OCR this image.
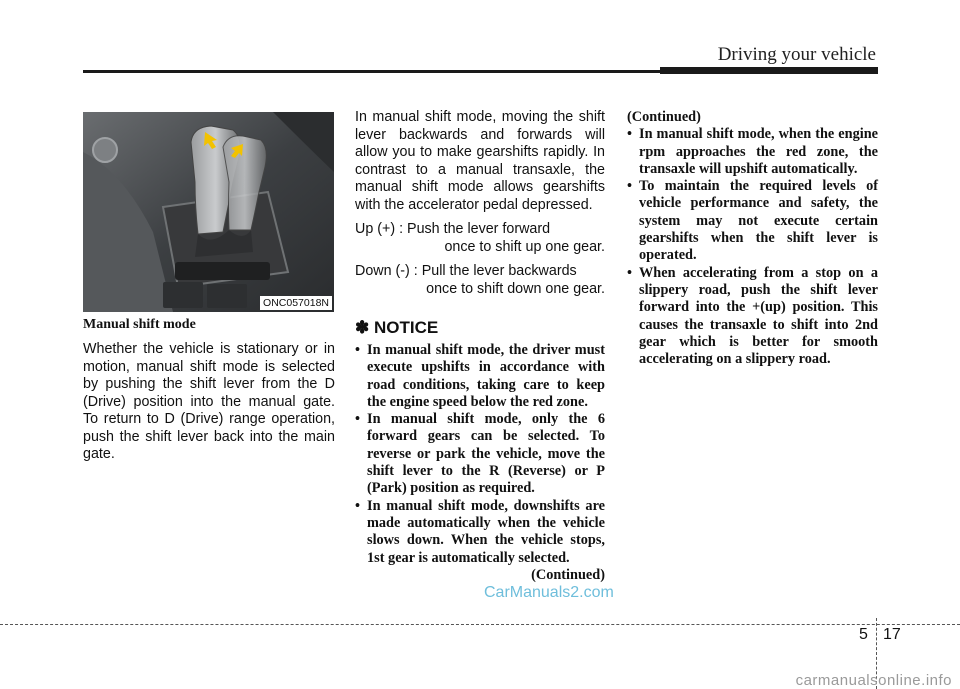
Driving your vehicle
ONC057018N

Manual shift mode

Whether the vehicle is stationary or in motion, manual shift mode is selected by pushing the shift lever from the D (Drive) position into the manual gate. To return to D (Drive) range operation, push the shift lever back into the main gate.

In manual shift mode, moving the shift lever backwards and forwards will allow you to make gearshifts rapidly. In contrast to a manual transaxle, the manual shift mode allows gearshifts with the accelerator pedal depressed.

Up (+) : Push the lever forward
once to shift up one gear.
Down (-) : Pull the lever backwards
once to shift down one gear.
✽ NOTICE
• In manual shift mode, the driver must execute upshifts in accordance with road conditions, taking care to keep the engine speed below the red zone.
• In manual shift mode, only the 6 forward gears can be selected. To reverse or park the vehicle, move the shift lever to the R (Reverse) or P (Park) position as required.
• In manual shift mode, downshifts are made automatically when the vehicle slows down. When the vehicle stops, 1st gear is automatically selected.
(Continued)

(Continued)

• In manual shift mode, when the engine rpm approaches the red zone, the transaxle will upshift automatically.
• To maintain the required levels of vehicle performance and safety, the system may not execute certain gearshifts when the shift lever is operated.
• When accelerating from a stop on a slippery road, push the shift lever forward into the +(up) position. This causes the transaxle to shift into 2nd gear which is better for smooth accelerating on a slippery road.
CarManuals2.com
5 17
carmanualsonline.info
